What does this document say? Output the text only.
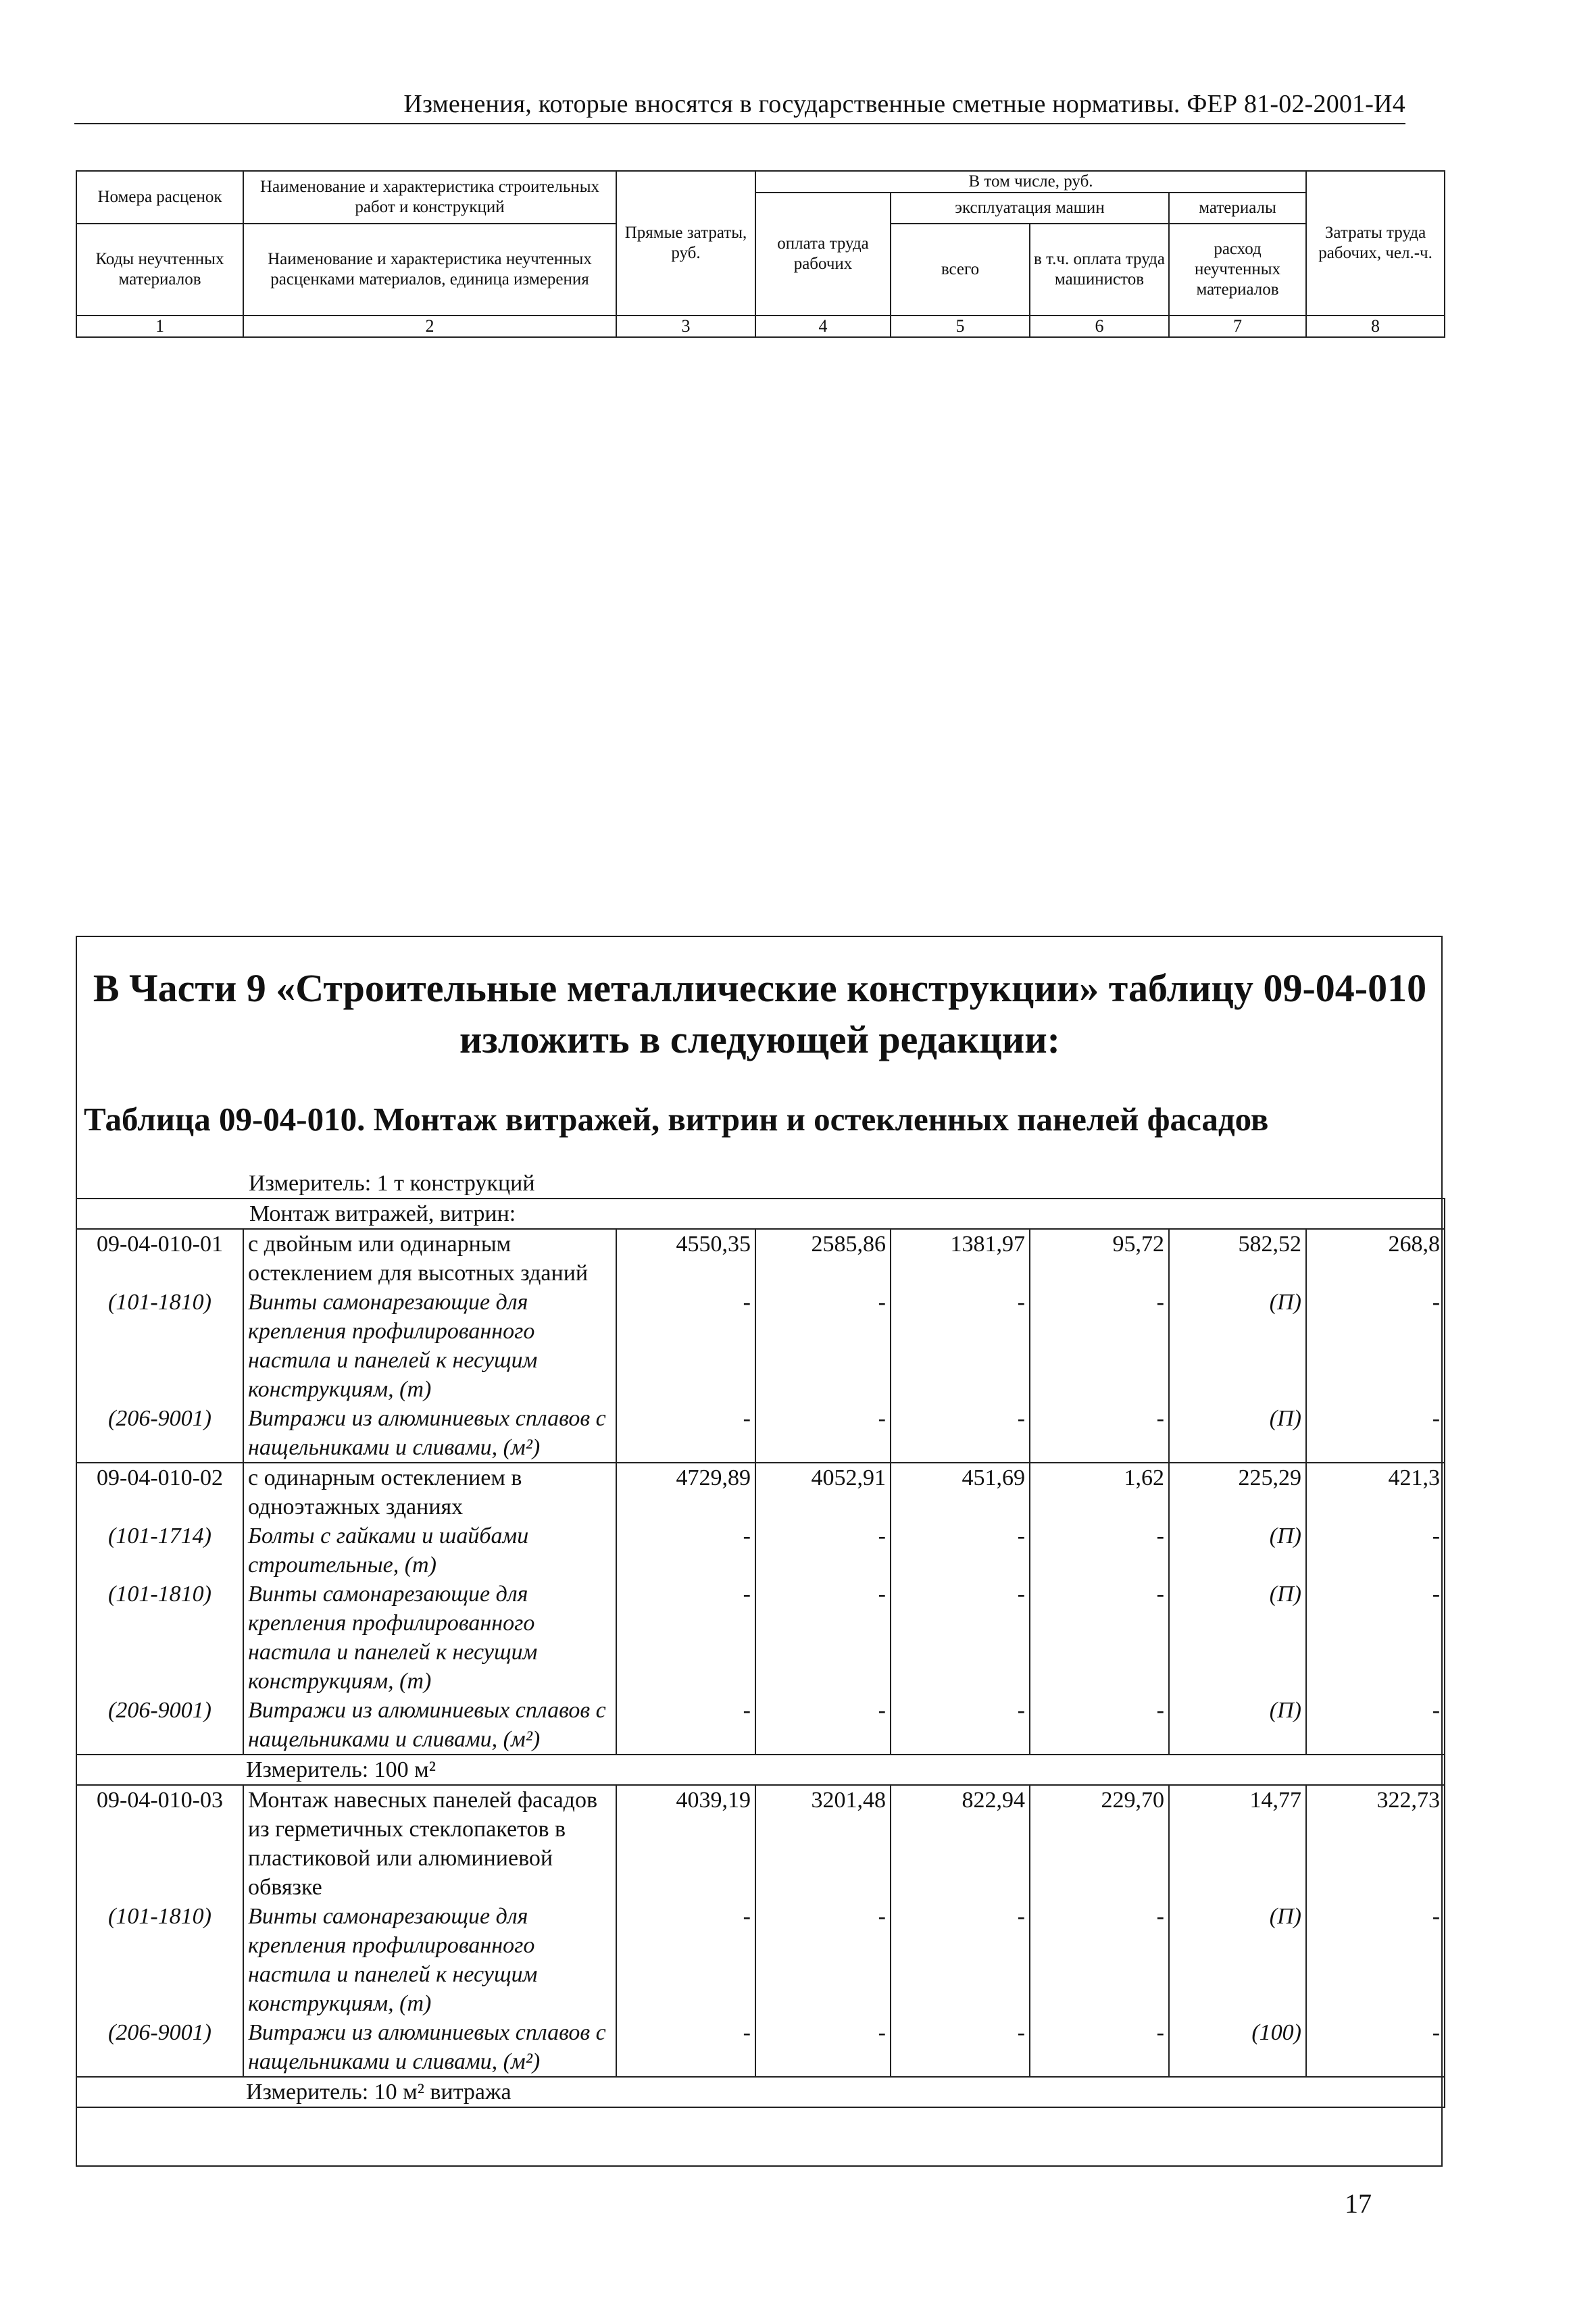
Изменения, которые вносятся в государственные сметные нормативы. ФЕР 81-02-2001-И4
Номера расценок	Наименование и характеристика строительных работ и конструкций	Прямые затраты, руб.	В том числе, руб.				Затраты труда рабочих, чел.-ч.
			оплата труда рабочих	эксплуатация машин		материалы	
Коды неучтенных материалов	Наименование и характеристика неучтенных расценками материалов, единица измерения			всего	в т.ч. оплата труда машинистов	расход неучтенных материалов	
1	2	3	4	5	6	7	8
В Части 9 «Строительные металлические конструкции» таблицу 09-04-010 изложить в следующей редакции:
Таблица 09-04-010. Монтаж витражей, витрин и остекленных панелей фасадов
Измеритель: 1 т конструкций							
Монтаж витражей, витрин:							
09-04-010-01	с двойным или одинарным остеклением для высотных зданий	4550,35	2585,86	1381,97	95,72	582,52	268,8
(101-1810)	Винты самонарезающие для крепления профилированного настила и панелей к несущим конструкциям, (т)	-	-	-	-	(П)	-
(206-9001)	Витражи из алюминиевых сплавов с нащельниками и сливами, (м²)	-	-	-	-	(П)	-
09-04-010-02	с одинарным остеклением в одноэтажных зданиях	4729,89	4052,91	451,69	1,62	225,29	421,3
(101-1714)	Болты с гайками и шайбами строительные, (т)	-	-	-	-	(П)	-
(101-1810)	Винты самонарезающие для крепления профилированного настила и панелей к несущим конструкциям, (т)	-	-	-	-	(П)	-
(206-9001)	Витражи из алюминиевых сплавов с нащельниками и сливами, (м²)	-	-	-	-	(П)	-
Измеритель: 100 м²							
09-04-010-03	Монтаж навесных панелей фасадов из герметичных стеклопакетов в пластиковой или алюминиевой обвязке	4039,19	3201,48	822,94	229,70	14,77	322,73
(101-1810)	Винты самонарезающие для крепления профилированного настила и панелей к несущим конструкциям, (т)	-	-	-	-	(П)	-
(206-9001)	Витражи из алюминиевых сплавов с нащельниками и сливами, (м²)	-	-	-	-	(100)	-
Измеритель: 10 м² витража							
17
